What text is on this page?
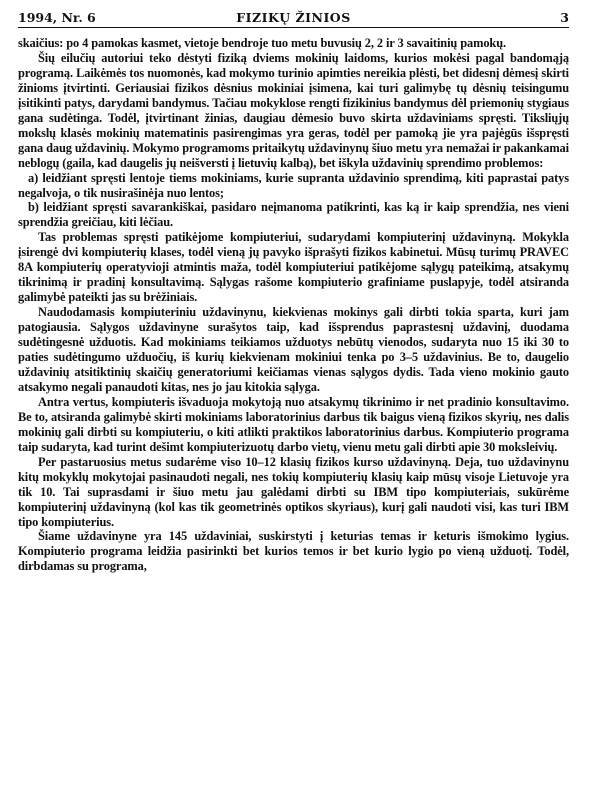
1994, Nr. 6	FIZIKŲ ŽINIOS	3

skaičius: po 4 pamokas kasmet, vietoje bendroje tuo metu buvusių 2, 2 ir 3 savaitinių pamokų.

Šių eilučių autoriui teko dėstyti fiziką dviems mokinių laidoms, kurios mokėsi pagal bandomąją programą. Laikėmės tos nuomonės, kad mokymo turinio apimties nereikia plėsti, bet didesnį dėmesį skirti žinioms įtvirtinti. Geriausiai fizikos dėsnius mokiniai įsimena, kai turi galimybę tų dėsnių teisingumu įsitikinti patys, darydami bandymus. Tačiau mokyklose rengti fizikinius bandymus dėl priemonių stygiaus gana sudėtinga. Todėl, įtvirtinant žinias, daugiau dėmesio buvo skirta uždaviniams spręsti. Tiksliųjų mokslų klasės mokinių matematinis pasirengimas yra geras, todėl per pamoką jie yra pajėgūs išspręsti gana daug uždavinių. Mokymo programoms pritaikytų uždavinynų šiuo metu yra nemažai ir pakankamai neblogų (gaila, kad daugelis jų neišversti į lietuvių kalbą), bet iškyla uždavinių sprendimo problemos:

a) leidžiant spręsti lentoje tiems mokiniams, kurie supranta uždavinio sprendimą, kiti paprastai patys negalvoja, o tik nusirašinėja nuo lentos;

b) leidžiant spręsti savarankiškai, pasidaro neįmanoma patikrinti, kas ką ir kaip sprendžia, nes vieni sprendžia greičiau, kiti lėčiau.

Tas problemas spręsti patikėjome kompiuteriui, sudarydami kompiuterinį uždavinyną. Mokykla įsirengė dvi kompiuterių klases, todėl vieną jų pavyko išprašyti fizikos kabinetui. Mūsų turimų PRAVEC 8A kompiuterių operatyvioji atmintis maža, todėl kompiuteriui patikėjome sąlygų pateikimą, atsakymų tikrinimą ir pradinį konsultavimą. Sąlygas rašome kompiuterio grafiniame puslapyje, todėl atsiranda galimybė pateikti jas su brėžiniais.

Naudodamasis kompiuteriniu uždavinynu, kiekvienas mokinys gali dirbti tokia sparta, kuri jam patogiausia. Sąlygos uždavinyne surašytos taip, kad išsprendus paprastesnį uždavinį, duodama sudėtingesnė užduotis. Kad mokiniams teikiamos užduotys nebūtų vienodos, sudaryta nuo 15 iki 30 to paties sudėtingumo užduočių, iš kurių kiekvienam mokiniui tenka po 3–5 uždavinius. Be to, daugelio uždavinių atsitiktinių skaičių generatoriumi keičiamas vienas sąlygos dydis. Tada vieno mokinio gauto atsakymo negali panaudoti kitas, nes jo jau kitokia sąlyga.

Antra vertus, kompiuteris išvaduoja mokytoją nuo atsakymų tikrinimo ir net pradinio konsultavimo. Be to, atsiranda galimybė skirti mokiniams laboratorinius darbus tik baigus vieną fizikos skyrių, nes dalis mokinių gali dirbti su kompiuteriu, o kiti atlikti praktikos laboratorinius darbus. Kompiuterio programa taip sudaryta, kad turint dešimt kompiuterizuotų darbo vietų, vienu metu gali dirbti apie 30 moksleivių.

Per pastaruosius metus sudarėme viso 10–12 klasių fizikos kurso uždavinyną. Deja, tuo uždavinynu kitų mokyklų mokytojai pasinaudoti negali, nes tokių kompiuterių klasių kaip mūsų visoje Lietuvoje yra tik 10. Tai suprasdami ir šiuo metu jau galėdami dirbti su IBM tipo kompiuteriais, sukūrėme kompiuterinį uždavinyną (kol kas tik geometrinės optikos skyriaus), kurį gali naudoti visi, kas turi IBM tipo kompiuterius.

Šiame uždavinyne yra 145 uždaviniai, suskirstyti į keturias temas ir keturis išmokimo lygius. Kompiuterio programa leidžia pasirinkti bet kurios temos ir bet kurio lygio po vieną užduotį. Todėl, dirbdamas su programa,
